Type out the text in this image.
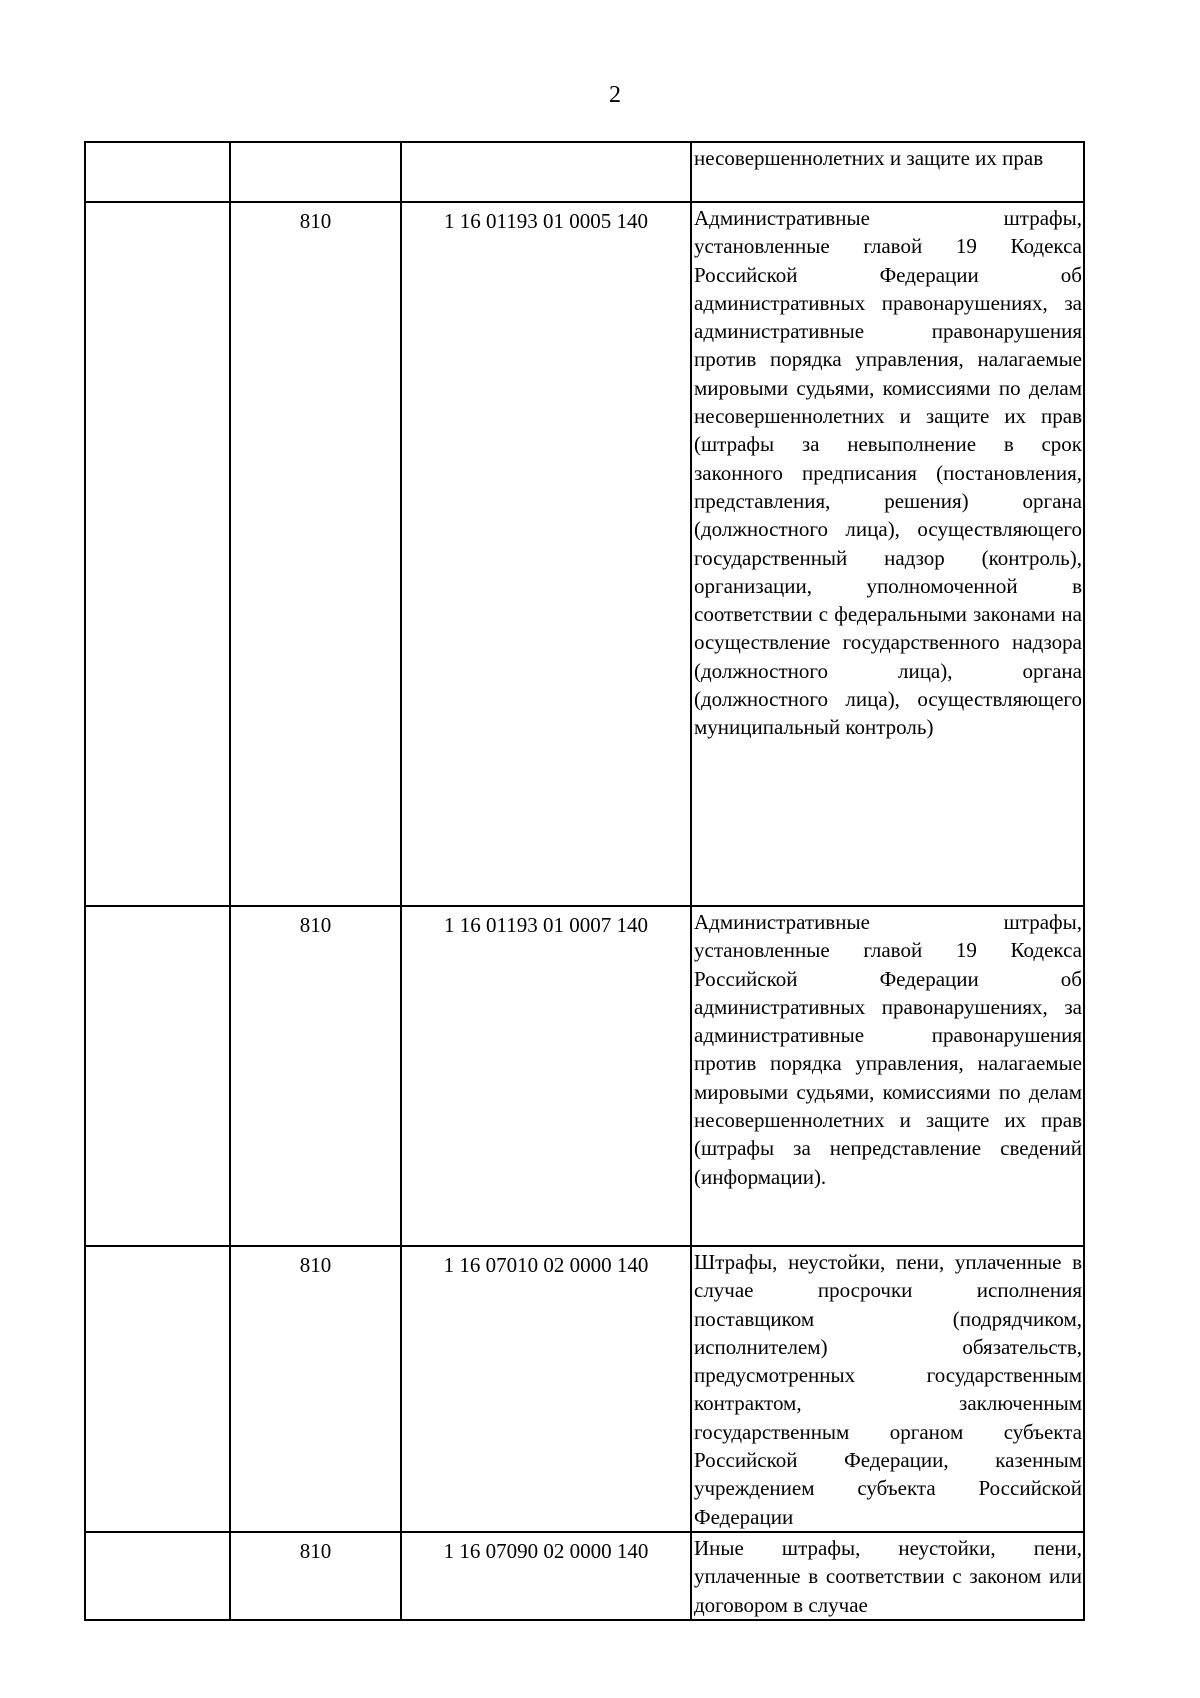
2

			несовершеннолетних и защите их прав

	810	1 16 01193 01 0005 140	Административные штрафы, установленные главой 19 Кодекса Российской Федерации об административных правонарушениях, за административные правонарушения против порядка управления, налагаемые мировыми судьями, комиссиями по делам несовершеннолетних и защите их прав (штрафы за невыполнение в срок законного предписания (постановления, представления, решения) органа (должностного лица), осуществляющего государственный надзор (контроль), организации, уполномоченной в соответствии с федеральными законами на осуществление государственного надзора (должностного лица), органа (должностного лица), осуществляющего муниципальный контроль)

	810	1 16 01193 01 0007 140	Административные штрафы, установленные главой 19 Кодекса Российской Федерации об административных правонарушениях, за административные правонарушения против порядка управления, налагаемые мировыми судьями, комиссиями по делам несовершеннолетних и защите их прав (штрафы за непредставление сведений (информации).

	810	1 16 07010 02 0000 140	Штрафы, неустойки, пени, уплаченные в случае просрочки исполнения поставщиком (подрядчиком, исполнителем) обязательств, предусмотренных государственным контрактом, заключенным государственным органом субъекта Российской Федерации, казенным учреждением субъекта Российской Федерации

	810	1 16 07090 02 0000 140	Иные штрафы, неустойки, пени, уплаченные в соответствии с законом или договором в случае
